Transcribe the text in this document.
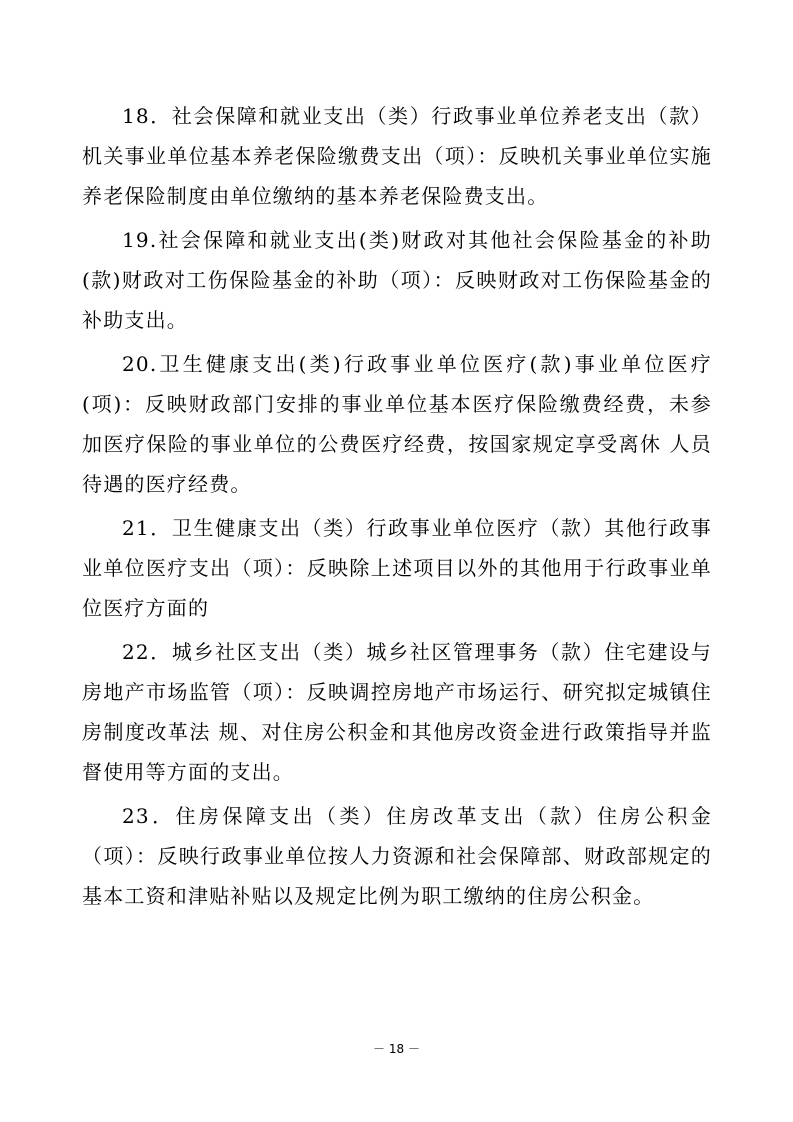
18．社会保障和就业支出（类）行政事业单位养老支出（款）机关事业单位基本养老保险缴费支出（项）：反映机关事业单位实施养老保险制度由单位缴纳的基本养老保险费支出。

19.社会保障和就业支出(类)财政对其他社会保险基金的补助(款)财政对工伤保险基金的补助（项）：反映财政对工伤保险基金的补助支出。

20.卫生健康支出(类)行政事业单位医疗(款)事业单位医疗(项)：反映财政部门安排的事业单位基本医疗保险缴费经费，未参 加医疗保险的事业单位的公费医疗经费，按国家规定享受离休 人员待遇的医疗经费。

21．卫生健康支出（类）行政事业单位医疗（款）其他行政事业单位医疗支出（项）：反映除上述项目以外的其他用于行政事业单位医疗方面的

22．城乡社区支出（类）城乡社区管理事务（款）住宅建设与房地产市场监管（项）：反映调控房地产市场运行、研究拟定城镇住房制度改革法 规、对住房公积金和其他房改资金进行政策指导并监督使用等方面的支出。

23．住房保障支出（类）住房改革支出（款）住房公积金（项）：反映行政事业单位按人力资源和社会保障部、财政部规定的 基本工资和津贴补贴以及规定比例为职工缴纳的住房公积金。

－ 18 －
